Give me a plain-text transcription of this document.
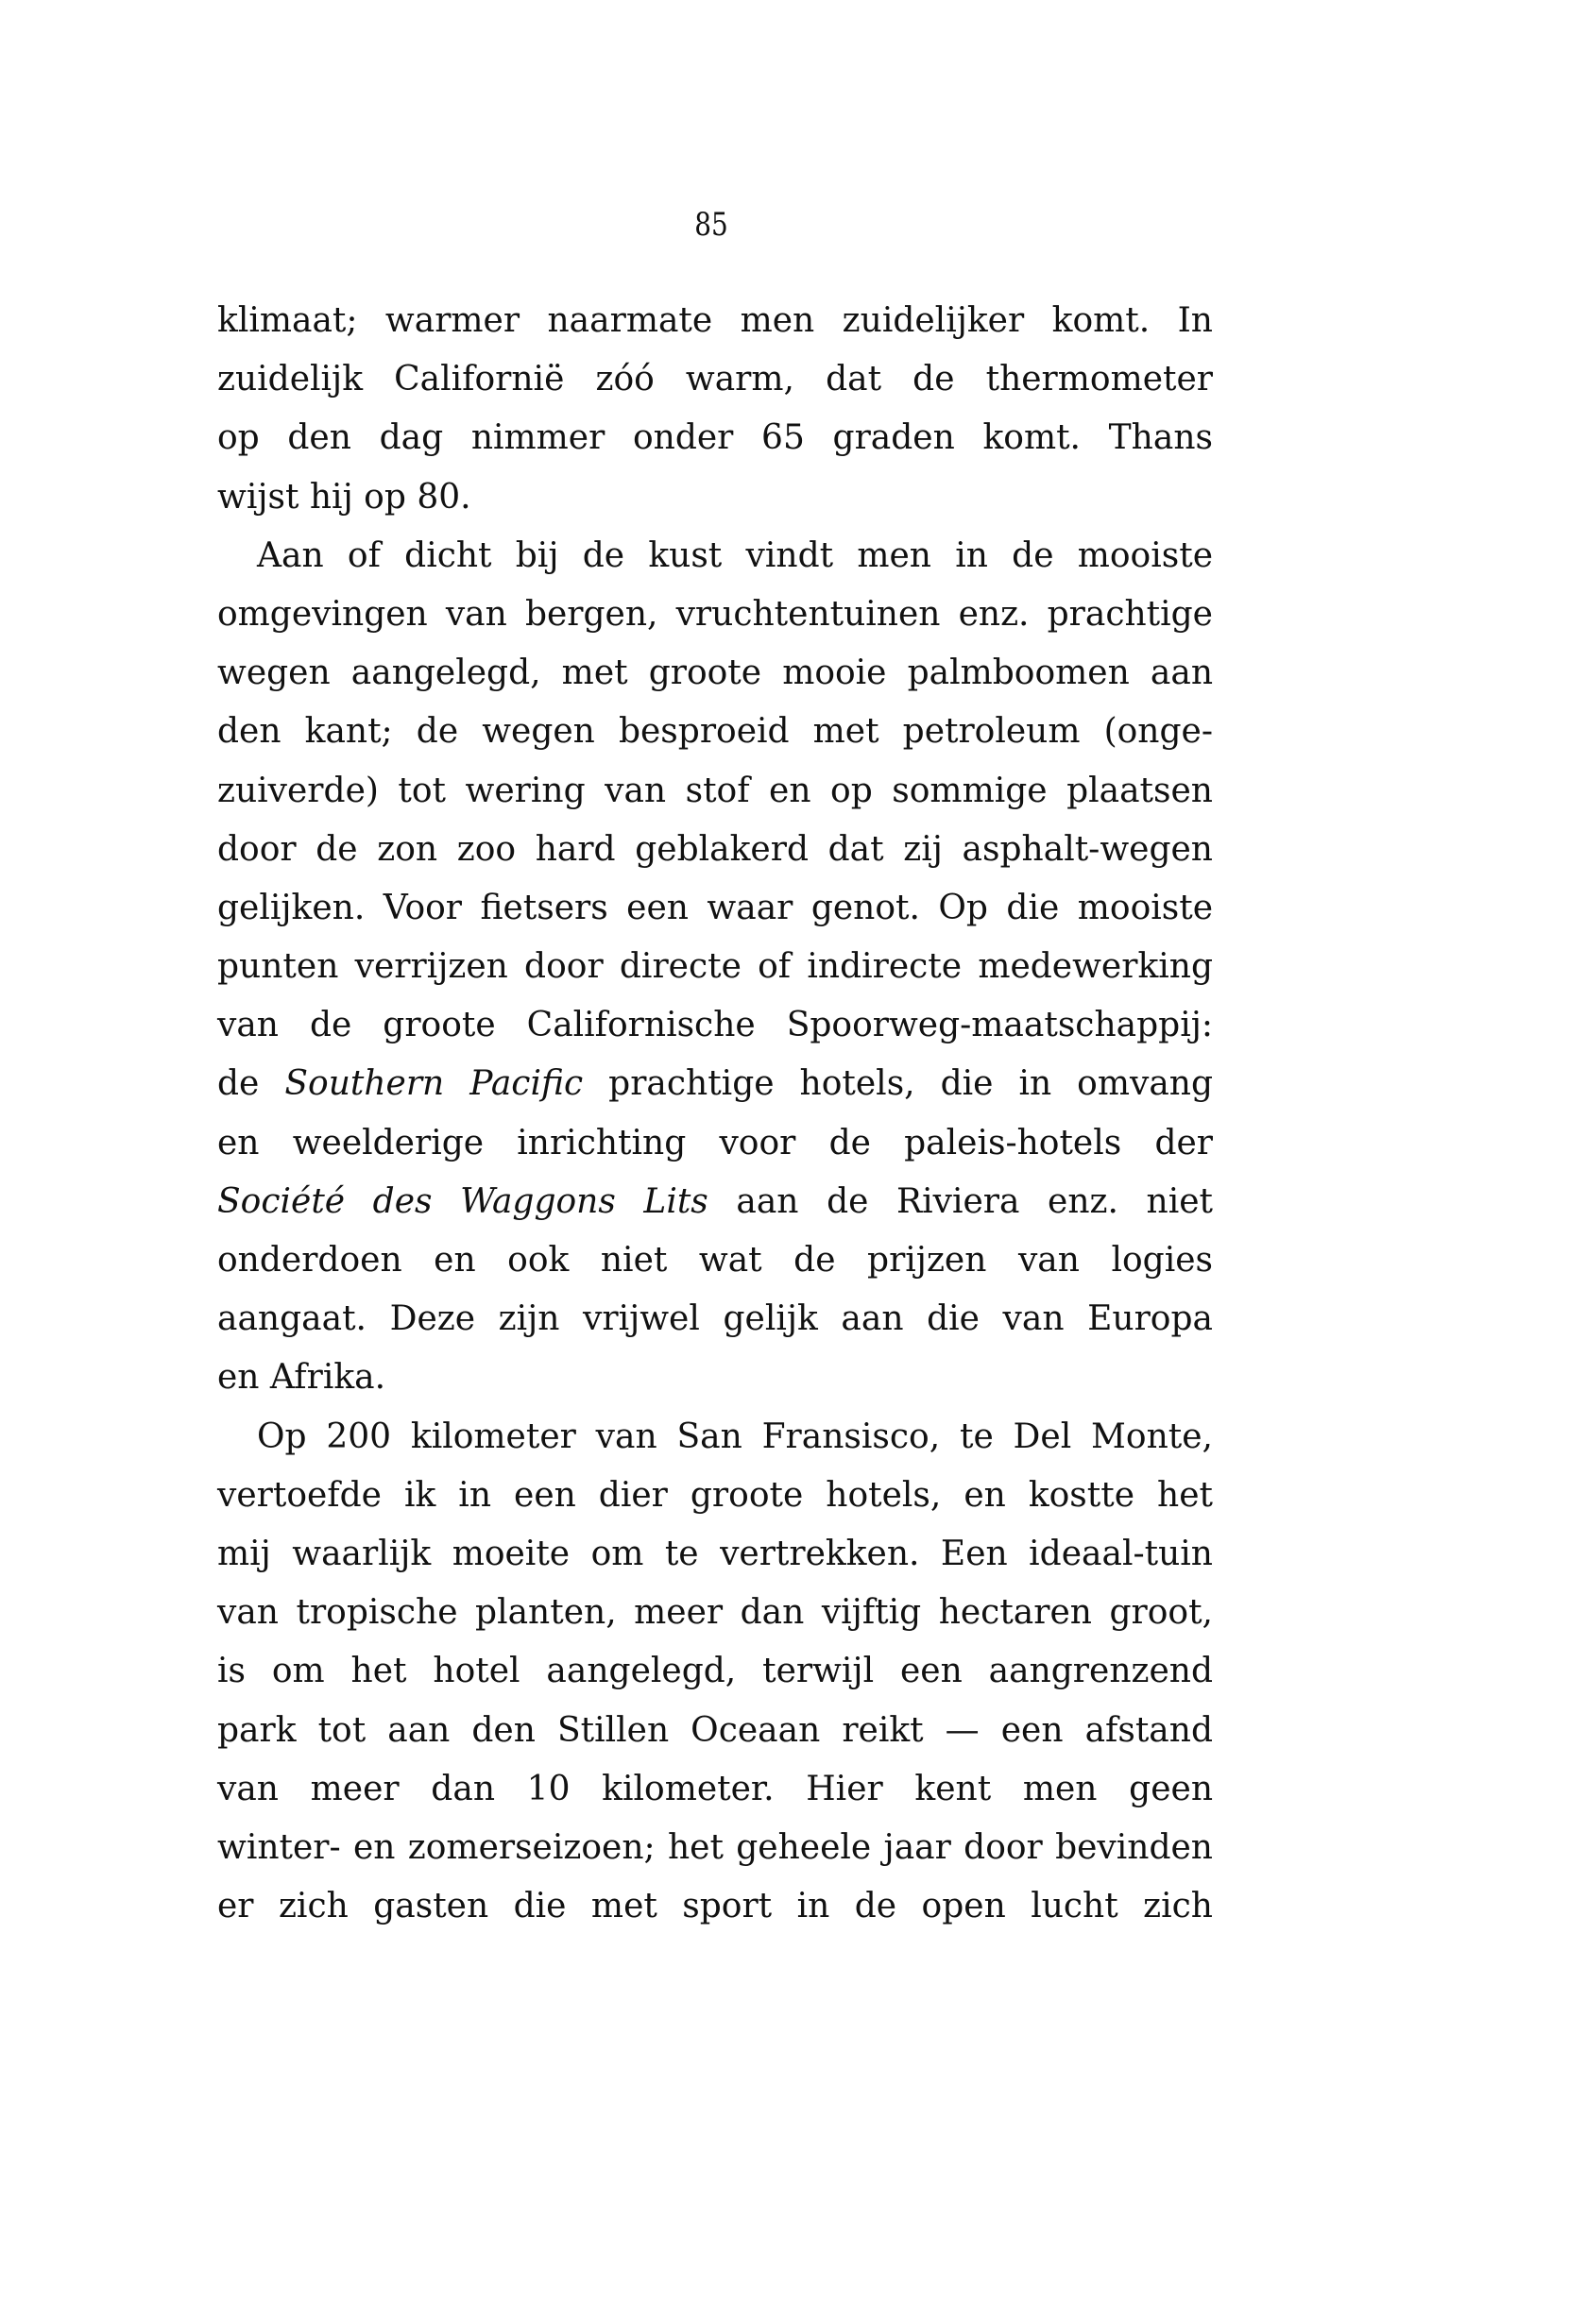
85
klimaat; warmer naarmate men zuidelijker komt. In
zuidelijk Californië zóó warm, dat de thermometer
op den dag nimmer onder 65 graden komt. Thans
wijst hij op 80.
Aan of dicht bij de kust vindt men in de mooiste
omgevingen van bergen, vruchtentuinen enz. prachtige
wegen aangelegd, met groote mooie palmboomen aan
den kant; de wegen besproeid met petroleum (onge-
zuiverde) tot wering van stof en op sommige plaatsen
door de zon zoo hard geblakerd dat zij asphalt-wegen
gelijken. Voor fietsers een waar genot. Op die mooiste
punten verrijzen door directe of indirecte medewerking
van de groote Californische Spoorweg-maatschappij:
de Southern Pacific prachtige hotels, die in omvang
en weelderige inrichting voor de paleis-hotels der
Société des Waggons Lits aan de Riviera enz. niet
onderdoen en ook niet wat de prijzen van logies
aangaat. Deze zijn vrijwel gelijk aan die van Europa
en Afrika.
Op 200 kilometer van San Fransisco, te Del Monte,
vertoefde ik in een dier groote hotels, en kostte het
mij waarlijk moeite om te vertrekken. Een ideaal-tuin
van tropische planten, meer dan vijftig hectaren groot,
is om het hotel aangelegd, terwijl een aangrenzend
park tot aan den Stillen Oceaan reikt — een afstand
van meer dan 10 kilometer. Hier kent men geen
winter- en zomerseizoen; het geheele jaar door bevinden
er zich gasten die met sport in de open lucht zich
